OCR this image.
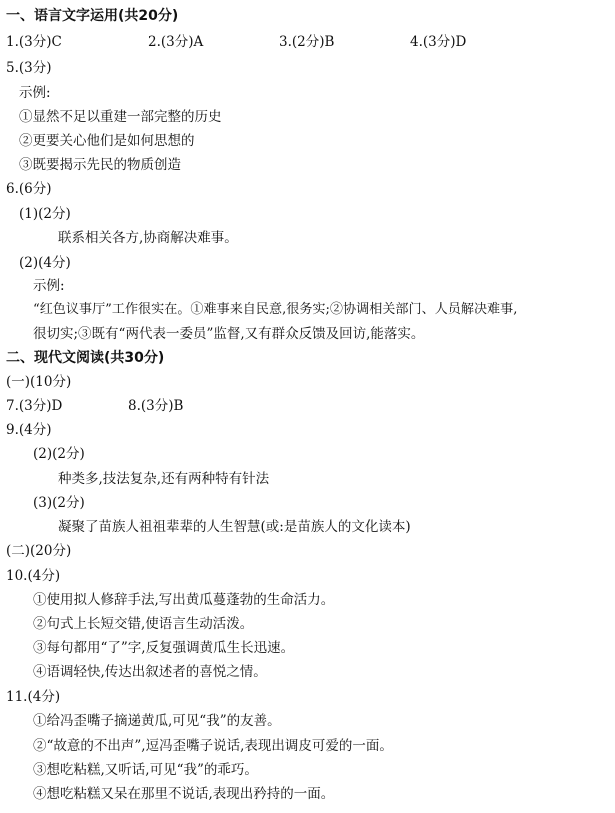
一、语言文字运用(共20分)
1.(3分)C	2.(3分)A	3.(2分)B	4.(3分)D
5.(3分)
示例:
①显然不足以重建一部完整的历史
②更要关心他们是如何思想的
③既要揭示先民的物质创造
6.(6分)
(1)(2分)
联系相关各方,协商解决难事。
(2)(4分)
示例:
“红色议事厅”工作很实在。①难事来自民意,很务实;②协调相关部门、人员解决难事,
很切实;③既有“两代表一委员”监督,又有群众反馈及回访,能落实。
二、现代文阅读(共30分)
(一)(10分)
7.(3分)D	8.(3分)B
9.(4分)
(2)(2分)
种类多,技法复杂,还有两种特有针法
(3)(2分)
凝聚了苗族人祖祖辈辈的人生智慧(或:是苗族人的文化读本)
(二)(20分)
10.(4分)
①使用拟人修辞手法,写出黄瓜蔓蓬勃的生命活力。
②句式上长短交错,使语言生动活泼。
③每句都用“了”字,反复强调黄瓜生长迅速。
④语调轻快,传达出叙述者的喜悦之情。
11.(4分)
①给冯歪嘴子摘递黄瓜,可见“我”的友善。
②“故意的不出声”,逗冯歪嘴子说话,表现出调皮可爱的一面。
③想吃粘糕,又听话,可见“我”的乖巧。
④想吃粘糕又呆在那里不说话,表现出矜持的一面。
